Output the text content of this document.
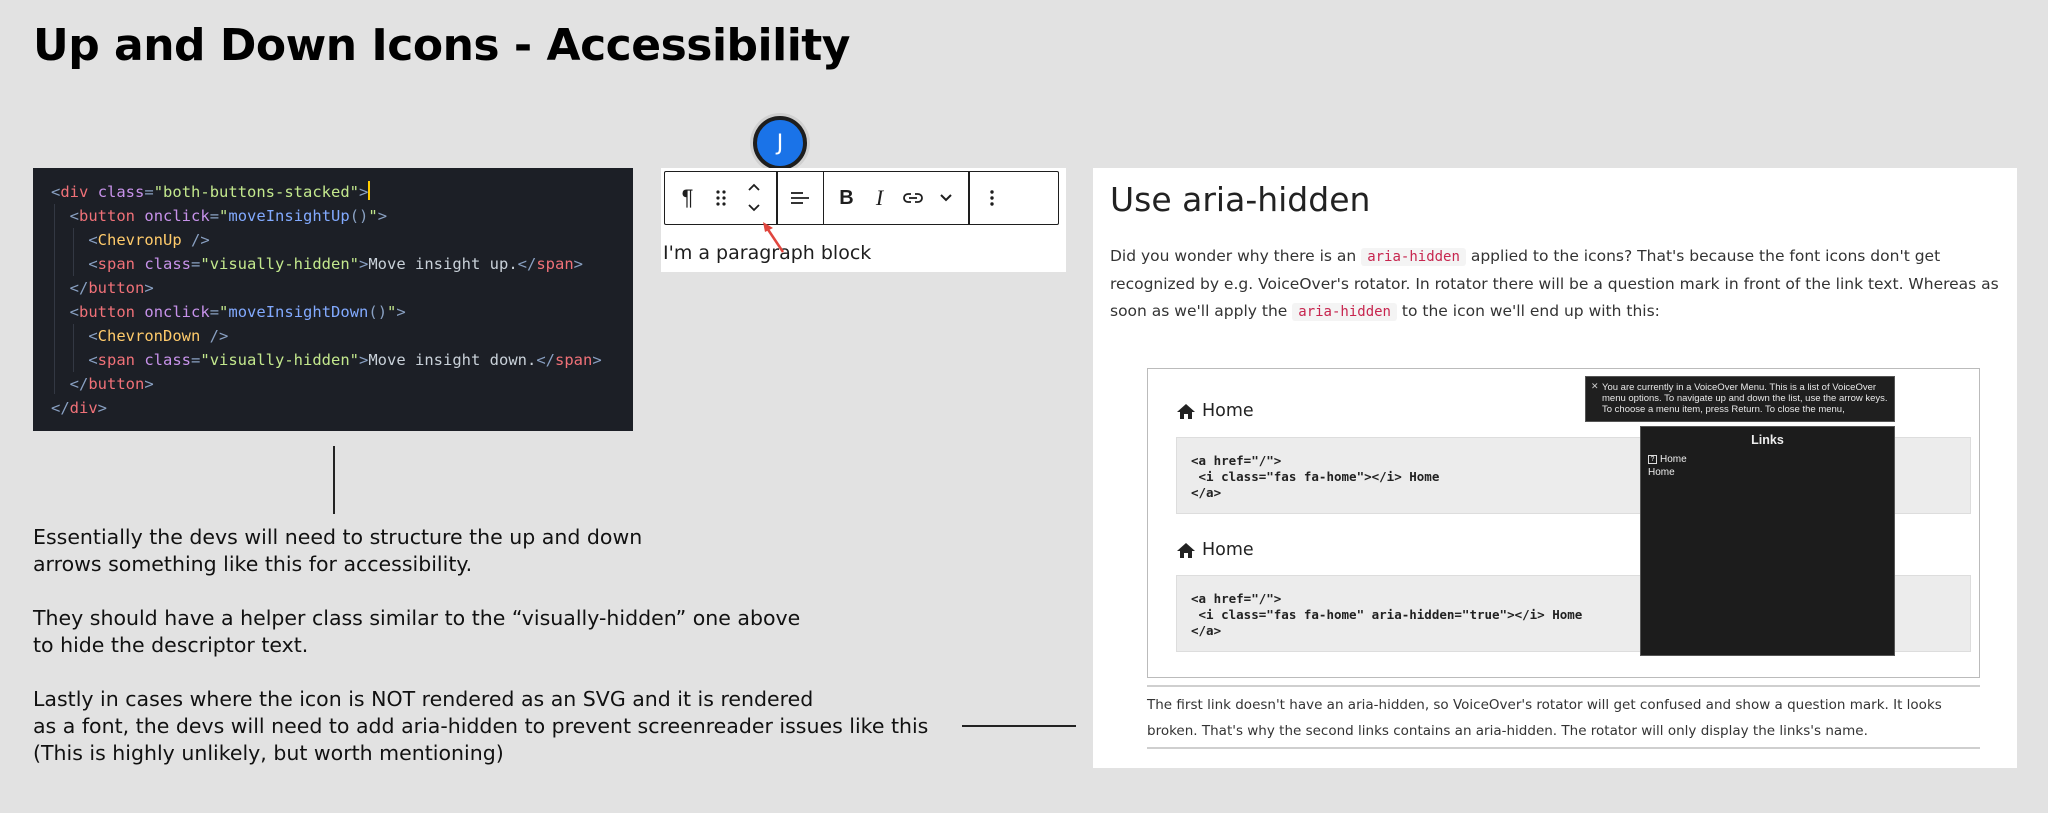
Up and Down Icons - Accessibility
<div class="both-buttons-stacked">
<button onclick="moveInsightUp()">
<ChevronUp />
<span class="visually-hidden">Move insight up.</span>
</button>
<button onclick="moveInsightDown()">
<ChevronDown />
<span class="visually-hidden">Move insight down.</span>
</button>
</div>
Essentially the devs will need to structure the up and down
arrows something like this for accessibility.
They should have a helper class similar to the “visually-hidden” one above
to hide the descriptor text.
Lastly in cases where the icon is NOT rendered as an SVG and it is rendered
as a font, the devs will need to add aria-hidden to prevent screenreader issues like this
(This is highly unlikely, but worth mentioning)
J
¶	B	I
I'm a paragraph block
Use aria-hidden
Did you wonder why there is an aria-hidden applied to the icons? That's because the font icons don't get recognized by e.g. VoiceOver's rotator. In rotator there will be a question mark in front of the link text. Whereas as soon as we'll apply the aria-hidden to the icon we'll end up with this:
Home
<a href="/">
<i class="fas fa-home"></i> Home
</a>
Home
<a href="/">
<i class="fas fa-home" aria-hidden="true"></i> Home
</a>
✕ You are currently in a VoiceOver Menu. This is a list of VoiceOver menu options. To navigate up and down the list, use the arrow keys. To choose a menu item, press Return. To close the menu,
Links
? Home
Home
The first link doesn't have an aria-hidden, so VoiceOver's rotator will get confused and show a question mark. It looks broken. That's why the second links contains an aria-hidden. The rotator will only display the links's name.
